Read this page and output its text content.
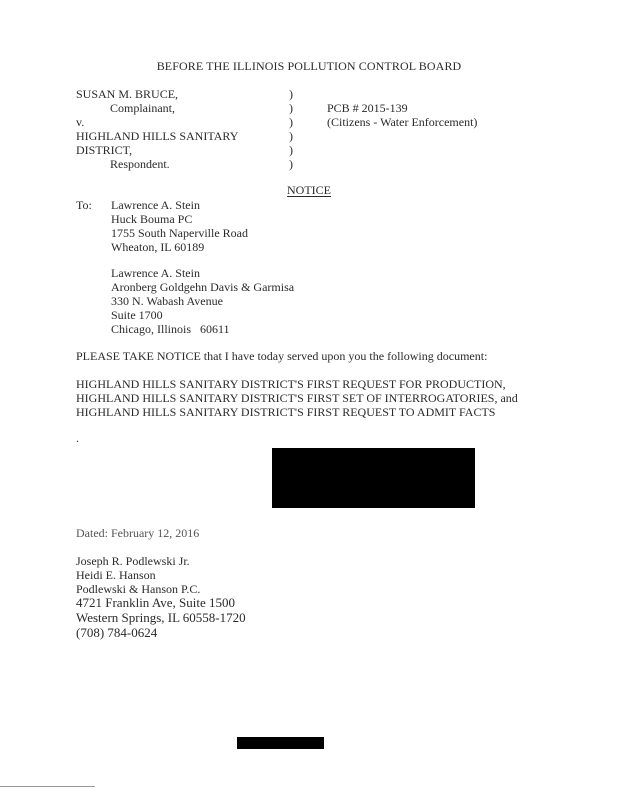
BEFORE THE ILLINOIS POLLUTION CONTROL BOARD
SUSAN M. BRUCE,
Complainant,
v.
HIGHLAND HILLS SANITARY
DISTRICT,
Respondent.
)
)
)
)
)
)
PCB # 2015-139
(Citizens - Water Enforcement)
NOTICE
To: Lawrence A. Stein
Huck Bouma PC
1755 South Naperville Road
Wheaton, IL 60189
Lawrence A. Stein
Aronberg Goldgehn Davis & Garmisa
330 N. Wabash Avenue
Suite 1700
Chicago, Illinois   60611
PLEASE TAKE NOTICE that I have today served upon you the following document:
HIGHLAND HILLS SANITARY DISTRICT'S FIRST REQUEST FOR PRODUCTION,
HIGHLAND HILLS SANITARY DISTRICT'S FIRST SET OF INTERROGATORIES, and
HIGHLAND HILLS SANITARY DISTRICT'S FIRST REQUEST TO ADMIT FACTS
.
Dated: February 12, 2016
Joseph R. Podlewski Jr.
Heidi E. Hanson
Podlewski & Hanson P.C.
4721 Franklin Ave, Suite 1500
Western Springs, IL 60558-1720
(708) 784-0624
